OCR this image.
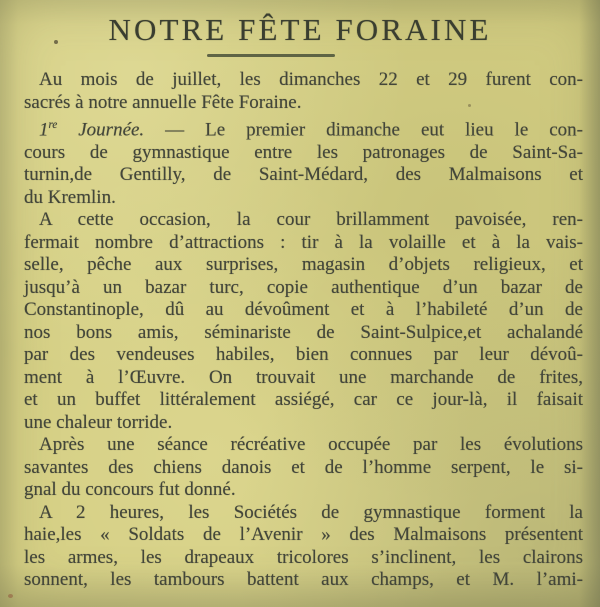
NOTRE FÊTE FORAINE
Au mois de juillet, les dimanches 22 et 29 furent con-
sacrés à notre annuelle Fête Foraine.
1re Journée. — Le premier dimanche eut lieu le con-
cours de gymnastique entre les patronages de Saint-Sa-
turnin,de Gentilly, de Saint-Médard, des Malmaisons et
du Kremlin.
A cette occasion, la cour brillamment pavoisée, ren-
fermait nombre d’attractions : tir à la volaille et à la vais-
selle, pêche aux surprises, magasin d’objets religieux, et
jusqu’à un bazar turc, copie authentique d’un bazar de
Constantinople, dû au dévoûment et à l’habileté d’un de
nos bons amis, séminariste de Saint-Sulpice,et achalandé
par des vendeuses habiles, bien connues par leur dévoû-
ment à l’Œuvre. On trouvait une marchande de frites,
et un buffet littéralement assiégé, car ce jour-là, il faisait
une chaleur torride.
Après une séance récréative occupée par les évolutions
savantes des chiens danois et de l’homme serpent, le si-
gnal du concours fut donné.
A 2 heures, les Sociétés de gymnastique forment la
haie,les « Soldats de l’Avenir » des Malmaisons présentent
les armes, les drapeaux tricolores s’inclinent, les clairons
sonnent, les tambours battent aux champs, et M. l’ami-
